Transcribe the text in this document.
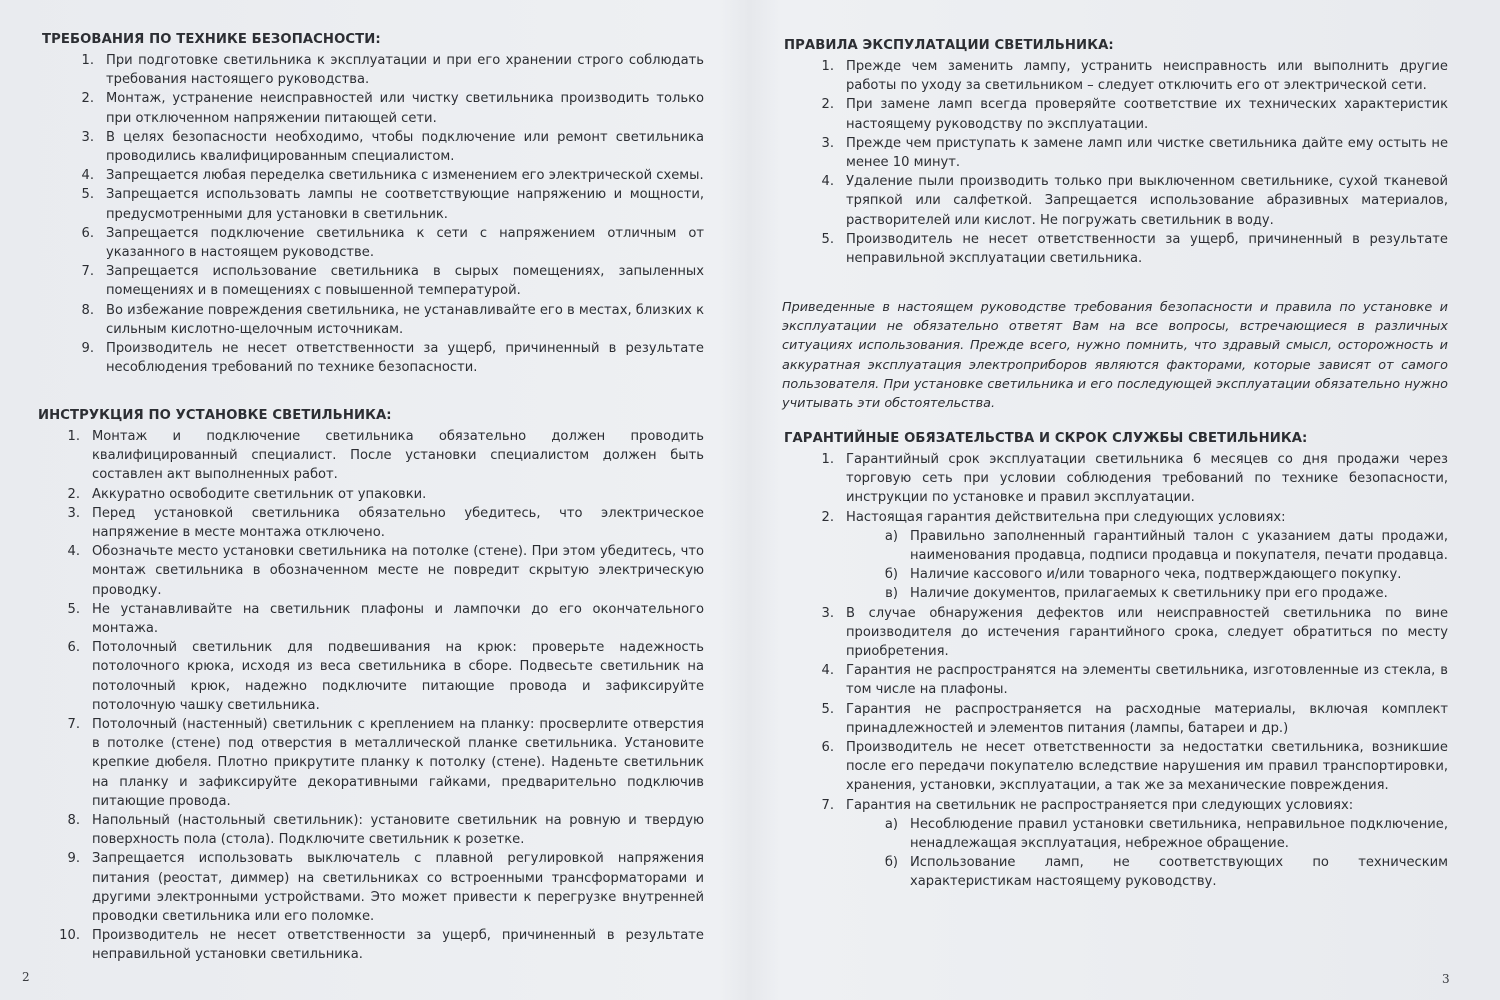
ТРЕБОВАНИЯ ПО ТЕХНИКЕ БЕЗОПАСНОСТИ:
1. При подготовке светильника к эксплуатации и при его хранении строго соблюдать требования настоящего руководства.
2. Монтаж, устранение неисправностей или чистку светильника производить только при отключенном напряжении питающей сети.
3. В целях безопасности необходимо, чтобы подключение или ремонт светильника проводились квалифицированным специалистом.
4. Запрещается любая переделка светильника с изменением его электрической схемы.
5. Запрещается использовать лампы не соответствующие напряжению и мощности, предусмотренными для установки в светильник.
6. Запрещается подключение светильника к сети с напряжением отличным от указанного в настоящем руководстве.
7. Запрещается использование светильника в сырых помещениях, запыленных помещениях и в помещениях с повышенной температурой.
8. Во избежание повреждения светильника, не устанавливайте его в местах, близких к сильным кислотно-щелочным источникам.
9. Производитель не несет ответственности за ущерб, причиненный в результате несоблюдения требований по технике безопасности.
ИНСТРУКЦИЯ ПО УСТАНОВКЕ СВЕТИЛЬНИКА:
1. Монтаж и подключение светильника обязательно должен проводить квалифицированный специалист. После установки специалистом должен быть составлен акт выполненных работ.
2. Аккуратно освободите светильник от упаковки.
3. Перед установкой светильника обязательно убедитесь, что электрическое напряжение в месте монтажа отключено.
4. Обозначьте место установки светильника на потолке (стене). При этом убедитесь, что монтаж светильника в обозначенном месте не повредит скрытую электрическую проводку.
5. Не устанавливайте на светильник плафоны и лампочки до его окончательного монтажа.
6. Потолочный светильник для подвешивания на крюк: проверьте надежность потолочного крюка, исходя из веса светильника в сборе. Подвесьте светильник на потолочный крюк, надежно подключите питающие провода и зафиксируйте потолочную чашку светильника.
7. Потолочный (настенный) светильник с креплением на планку: просверлите отверстия в потолке (стене) под отверстия в металлической планке светильника. Установите крепкие дюбеля. Плотно прикрутите планку к потолку (стене). Наденьте светильник на планку и зафиксируйте декоративными гайками, предварительно подключив питающие провода.
8. Напольный (настольный светильник): установите светильник на ровную и твердую поверхность пола (стола). Подключите светильник к розетке.
9. Запрещается использовать выключатель с плавной регулировкой напряжения питания (реостат, диммер) на светильниках со встроенными трансформаторами и другими электронными устройствами. Это может привести к перегрузке внутренней проводки светильника или его поломке.
10. Производитель не несет ответственности за ущерб, причиненный в результате неправильной установки светильника.
2
ПРАВИЛА ЭКСПУЛАТАЦИИ СВЕТИЛЬНИКА:
1. Прежде чем заменить лампу, устранить неисправность или выполнить другие работы по уходу за светильником – следует отключить его от электрической сети.
2. При замене ламп всегда проверяйте соответствие их технических характеристик настоящему руководству по эксплуатации.
3. Прежде чем приступать к замене ламп или чистке светильника дайте ему остыть не менее 10 минут.
4. Удаление пыли производить только при выключенном светильнике, сухой тканевой тряпкой или салфеткой. Запрещается использование абразивных материалов, растворителей или кислот. Не погружать светильник в воду.
5. Производитель не несет ответственности за ущерб, причиненный в результате неправильной эксплуатации светильника.

Приведенные в настоящем руководстве требования безопасности и правила по установке и эксплуатации не обязательно ответят Вам на все вопросы, встречающиеся в различных ситуациях использования. Прежде всего, нужно помнить, что здравый смысл, осторожность и аккуратная эксплуатация электроприборов являются факторами, которые зависят от самого пользователя. При установке светильника и его последующей эксплуатации обязательно нужно учитывать эти обстоятельства.

ГАРАНТИЙНЫЕ ОБЯЗАТЕЛЬСТВА И СКРОК СЛУЖБЫ СВЕТИЛЬНИКА:
1. Гарантийный срок эксплуатации светильника 6 месяцев со дня продажи через торговую сеть при условии соблюдения требований по технике безопасности, инструкции по установке и правил эксплуатации.
2. Настоящая гарантия действительна при следующих условиях:
а) Правильно заполненный гарантийный талон с указанием даты продажи, наименования продавца, подписи продавца и покупателя, печати продавца.
б) Наличие кассового и/или товарного чека, подтверждающего покупку.
в) Наличие документов, прилагаемых к светильнику при его продаже.
3. В случае обнаружения дефектов или неисправностей светильника по вине производителя до истечения гарантийного срока, следует обратиться по месту приобретения.
4. Гарантия не распространятся на элементы светильника, изготовленные из стекла, в том числе на плафоны.
5. Гарантия не распространяется на расходные материалы, включая комплект принадлежностей и элементов питания (лампы, батареи и др.)
6. Производитель не несет ответственности за недостатки светильника, возникшие после его передачи покупателю вследствие нарушения им правил транспортировки, хранения, установки, эксплуатации, а так же за механические повреждения.
7. Гарантия на светильник не распространяется при следующих условиях:
а) Несоблюдение правил установки светильника, неправильное подключение, ненадлежащая эксплуатация, небрежное обращение.
б) Использование ламп, не соответствующих по техническим характеристикам настоящему руководству.
3
